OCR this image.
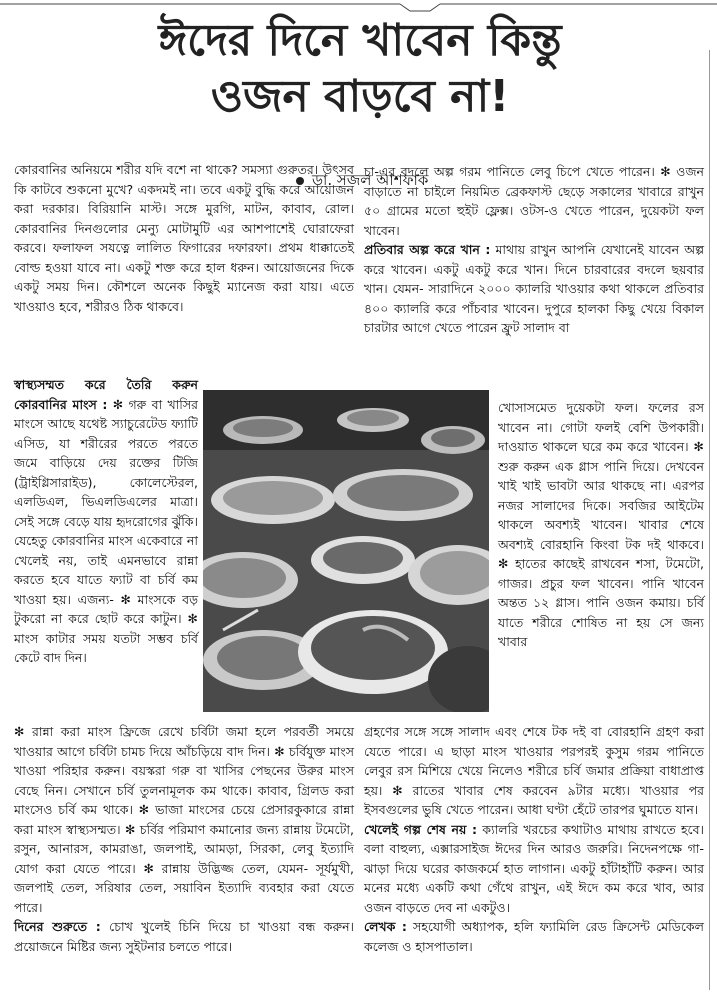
ঈদের দিনে খাবেন কিন্তু
ওজন বাড়বে না!
ডা. সজল আশফাক

কোরবানির অনিয়মে শরীর যদি বশে না থাকে? সমস্যা গুরুতর। উৎসব কি কাটবে শুকনো মুখে? একদমই না। তবে একটু বুদ্ধি করে আয়োজন করা দরকার। বিরিয়ানি মাস্ট। সঙ্গে মুরগি, মাটন, কাবাব, রোল। কোরবানির দিনগুলোর মেন্যু মোটামুটি এর আশপাশেই ঘোরাফেরা করবে। ফলাফল সযত্নে লালিত ফিগারের দফারফা। প্রথম ধাক্কাতেই বোল্ড হওয়া যাবে না। একটু শক্ত করে হাল ধরুন। আয়োজনের দিকে একটু সময় দিন। কৌশলে অনেক কিছুই ম্যানেজ করা যায়। এতে খাওয়াও হবে, শরীরও ঠিক থাকবে।

স্বাস্থ্যসম্মত করে তৈরি করুন কোরবানির মাংস : ✻ গরু বা খাসির মাংসে আছে যথেষ্ট স্যাচুরেটেড ফ্যাটি এসিড, যা শরীরের পরতে পরতে জমে বাড়িয়ে দেয় রক্তের টিজি (ট্রাইগ্লিসারাইড), কোলেস্টেরল, এলডিএল, ভিএলডিএলের মাত্রা। সেই সঙ্গে বেড়ে যায় হৃদরোগের ঝুঁকি। যেহেতু কোরবানির মাংস একেবারে না খেলেই নয়, তাই এমনভাবে রান্না করতে হবে যাতে ফ্যাট বা চর্বি কম খাওয়া হয়। এজন্য- ✻ মাংসকে বড় টুকরো না করে ছোট করে কাটুন। ✻ মাংস কাটার সময় যতটা সম্ভব চর্বি কেটে বাদ দিন।

✻ রান্না করা মাংস ফ্রিজে রেখে চর্বিটা জমা হলে পরবর্তী সময়ে খাওয়ার আগে চর্বিটা চামচ দিয়ে আঁচড়িয়ে বাদ দিন। ✻ চর্বিযুক্ত মাংস খাওয়া পরিহার করুন। বয়স্করা গরু বা খাসির পেছনের উরুর মাংস বেছে নিন। সেখানে চর্বি তুলনামূলক কম থাকে। কাবাব, গ্রিলড করা মাংসেও চর্বি কম থাকে। ✻ ভাজা মাংসের চেয়ে প্রেসারকুকারে রান্না করা মাংস স্বাস্থ্যসম্মত। ✻ চর্বির পরিমাণ কমানোর জন্য রান্নায় টমেটো, রসুন, আনারস, কামরাঙা, জলপাই, আমড়া, সিরকা, লেবু ইত্যাদি যোগ করা যেতে পারে। ✻ রান্নায় উদ্ভিজ্জ তেল, যেমন- সূর্যমুখী, জলপাই তেল, সরিষার তেল, সয়াবিন ইত্যাদি ব্যবহার করা যেতে পারে।

দিনের শুরুতে : চোখ খুলেই চিনি দিয়ে চা খাওয়া বন্ধ করুন। প্রয়োজনে মিষ্টির জন্য সুইটনার চলতে পারে।

চা-এর বদলে অল্প গরম পানিতে লেবু চিপে খেতে পারেন। ✻ ওজন বাড়াতে না চাইলে নিয়মিত ব্রেকফাস্ট ছেড়ে সকালের খাবারে রাখুন ৫০ গ্রামের মতো হুইট ফ্লেক্স। ওটস-ও খেতে পারেন, দুয়েকটা ফল খাবেন।

প্রতিবার অল্প করে খান : মাথায় রাখুন আপনি যেখানেই যাবেন অল্প করে খাবেন। একটু একটু করে খান। দিনে চারবারের বদলে ছয়বার খান। যেমন- সারাদিনে ২০০০ ক্যালরি খাওয়ার কথা থাকলে প্রতিবার ৪০০ ক্যালরি করে পাঁচবার খাবেন। দুপুরে হালকা কিছু খেয়ে বিকাল চারটার আগে খেতে পারেন ফ্রুট সালাদ বা

খোসাসমেত দুয়েকটা ফল। ফলের রস খাবেন না। গোটা ফলই বেশি উপকারী। দাওয়াত থাকলে ঘরে কম করে খাবেন। ✻ শুরু করুন এক গ্লাস পানি দিয়ে। দেখবেন খাই খাই ভাবটা আর থাকছে না। এরপর নজর সালাদের দিকে। সবজির আইটেম থাকলে অবশ্যই খাবেন। খাবার শেষে অবশ্যই বোরহানি কিংবা টক দই থাকবে। ✻ হাতের কাছেই রাখবেন শসা, টমেটো, গাজর। প্রচুর ফল খাবেন। পানি খাবেন অন্তত ১২ গ্লাস। পানি ওজন কমায়। চর্বি যাতে শরীরে শোষিত না হয় সে জন্য খাবার

গ্রহণের সঙ্গে সঙ্গে সালাদ এবং শেষে টক দই বা বোরহানি গ্রহণ করা যেতে পারে। এ ছাড়া মাংস খাওয়ার পরপরই কুসুম গরম পানিতে লেবুর রস মিশিয়ে খেয়ে নিলেও শরীরে চর্বি জমার প্রক্রিয়া বাধাপ্রাপ্ত হয়। ✻ রাতের খাবার শেষ করবেন ৯টার মধ্যে। খাওয়ার পর ইসবগুলের ভুষি খেতে পারেন। আধা ঘণ্টা হেঁটে তারপর ঘুমাতে যান।

খেলেই গল্প শেষ নয় : ক্যালরি খরচের কথাটাও মাথায় রাখতে হবে। বলা বাহুল্য, এক্সারসাইজ ঈদের দিন আরও জরুরি। নিদেনপক্ষে গা-ঝাড়া দিয়ে ঘরের কাজকর্মে হাত লাগান। একটু হাঁটাহাঁটি করুন। আর মনের মধ্যে একটি কথা গেঁথে রাখুন, এই ঈদে কম করে খাব, আর ওজন বাড়তে দেব না একটুও।

লেখক : সহযোগী অধ্যাপক, হলি ফ্যামিলি রেড ক্রিসেন্ট মেডিকেল কলেজ ও হাসপাতাল।
